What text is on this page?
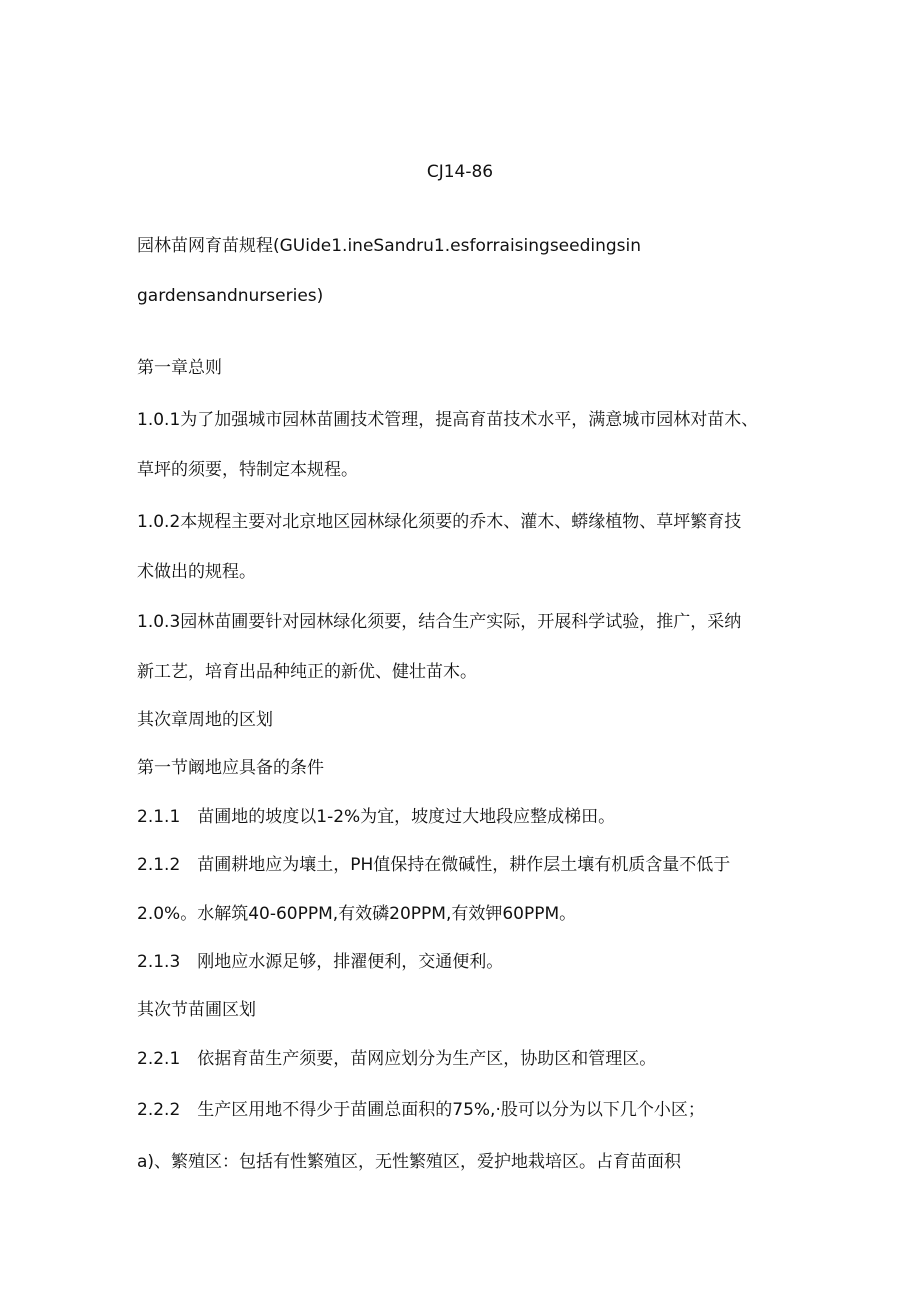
CJ14-86
园林苗网育苗规程(GUide1.ineSandru1.esforraisingseedingsin
gardensandnurseries)
第一章总则
1.0.1为了加强城市园林苗圃技术管理，提高育苗技术水平，满意城市园林对苗木、
草坪的须要，特制定本规程。
1.0.2本规程主要对北京地区园林绿化须要的乔木、灌木、蟒缘植物、草坪繁育技
术做出的规程。
1.0.3园林苗圃要针对园林绿化须要，结合生产实际，开展科学试验，推广，采纳
新工艺，培育出品种纯正的新优、健壮苗木。
其次章周地的区划
第一节阚地应具备的条件
2.1.1　苗圃地的坡度以1-2%为宜，坡度过大地段应整成梯田。
2.1.2　苗圃耕地应为壤土，PH值保持在微碱性，耕作层土壤有机质含量不低于
2.0%。水解筑40-60PPM,有效磷20PPM,有效钾60PPM。
2.1.3　刚地应水源足够，排濯便利，交通便利。
其次节苗圃区划
2.2.1　依据育苗生产须要，苗网应划分为生产区，协助区和管理区。
2.2.2　生产区用地不得少于苗圃总面积的75%,·股可以分为以下几个小区；
a)、繁殖区：包括有性繁殖区，无性繁殖区，爱护地栽培区。占育苗面积
